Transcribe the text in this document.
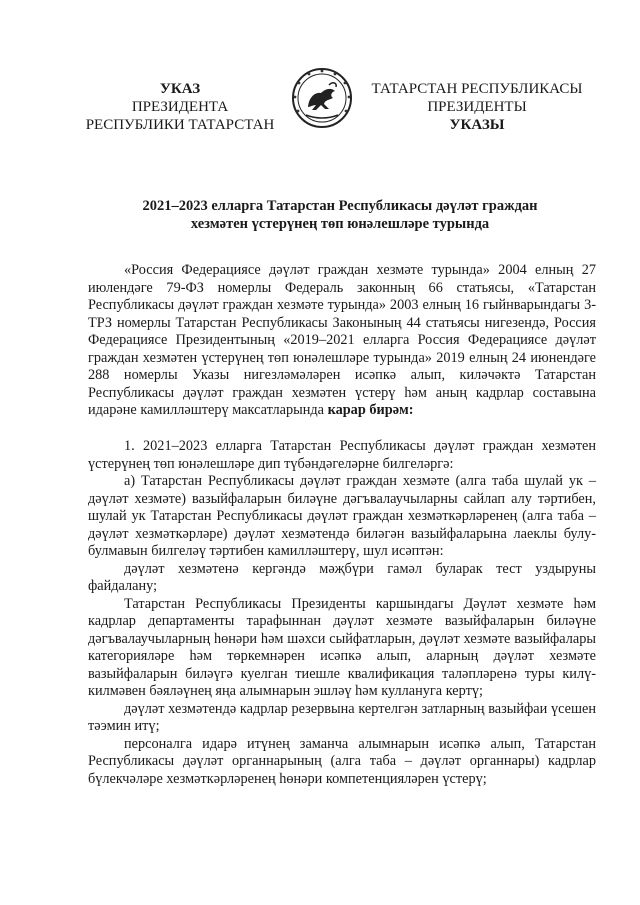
УКАЗ
ПРЕЗИДЕНТА
РЕСПУБЛИКИ ТАТАРСТАН
ТАТАРСТАН РЕСПУБЛИКАСЫ
ПРЕЗИДЕНТЫ
УКАЗЫ
2021–2023 елларга Татарстан Республикасы дәүләт граждан
хезмәтен үстерүнең төп юнәлешләре турында

«Россия Федерациясе дәүләт граждан хезмәте турында» 2004 елның 27 июлендәге 79-ФЗ номерлы Федераль законның 66 статьясы, «Татарстан Республикасы дәүләт граждан хезмәте турында» 2003 елның 16 гыйнварындагы 3-ТРЗ номерлы Татарстан Республикасы Законының 44 статьясы нигезендә, Россия Федерациясе Президентының «2019–2021 елларга Россия Федерациясе дәүләт граждан хезмәтен үстерүнең төп юнәлешләре турында» 2019 елның 24 июнендәге 288 номерлы Указы нигезләмәләрен исәпкә алып, киләчәктә Татарстан Республикасы дәүләт граждан хезмәтен үстерү һәм аның кадрлар составына идарәне камилләштерү максатларында карар бирәм:

1. 2021–2023 елларга Татарстан Республикасы дәүләт граждан хезмәтен үстерүнең төп юнәлешләре дип түбәндәгеләрне билгеләргә:

а) Татарстан Республикасы дәүләт граждан хезмәте (алга таба шулай ук – дәүләт хезмәте) вазыйфаларын биләүне дәгъвалаучыларны сайлап алу тәртибен, шулай ук Татарстан Республикасы дәүләт граждан хезмәткәрләренең (алга таба – дәүләт хезмәткәрләре) дәүләт хезмәтендә биләгән вазыйфаларына лаеклы булу-булмавын билгеләү тәртибен камилләштерү, шул исәптән:

дәүләт хезмәтенә кергәндә мәҗбүри гамәл буларак тест уздыруны файдалану;

Татарстан Республикасы Президенты каршындагы Дәүләт хезмәте һәм кадрлар департаменты тарафыннан дәүләт хезмәте вазыйфаларын биләүне дәгъвалаучыларның һөнәри һәм шәхси сыйфатларын, дәүләт хезмәте вазыйфалары категорияләре һәм төркемнәрен исәпкә алып, аларның дәүләт хезмәте вазыйфаларын биләүгә куелган тиешле квалификация таләпләренә туры килү-килмәвен бәяләүнең яңа алымнарын эшләү һәм куллануга кертү;

дәүләт хезмәтендә кадрлар резервына кертелгән затларның вазыйфаи үсешен тәэмин итү;

персоналга идарә итүнең заманча алымнарын исәпкә алып, Татарстан Республикасы дәүләт органнарының (алга таба – дәүләт органнары) кадрлар бүлекчәләре хезмәткәрләренең һөнәри компетенцияләрен үстерү;
